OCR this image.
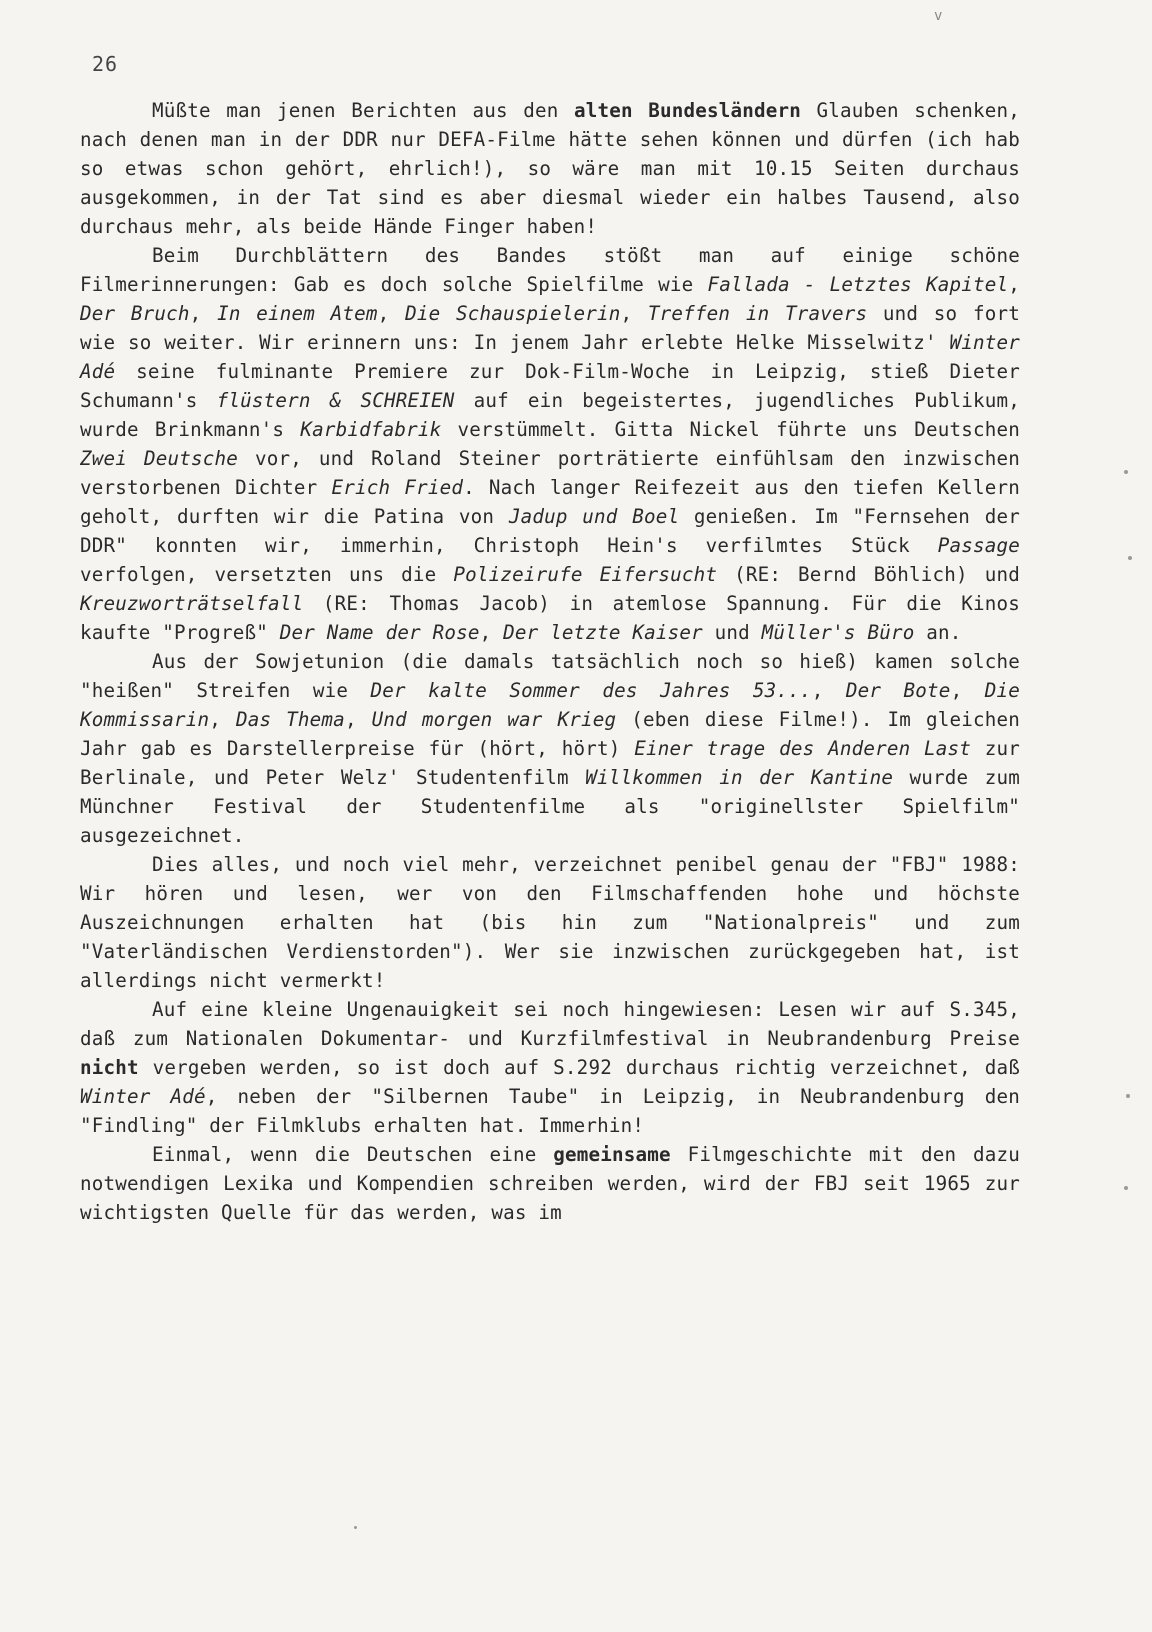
v
26

Müßte man jenen Berichten aus den alten Bundesländern Glauben schenken, nach denen man in der DDR nur DEFA-Filme hätte sehen können und dürfen (ich hab so etwas schon gehört, ehrlich!), so wäre man mit 10.15 Seiten durchaus ausgekommen, in der Tat sind es aber diesmal wieder ein halbes Tausend, also durchaus mehr, als beide Hände Finger haben!

Beim Durchblättern des Bandes stößt man auf einige schöne Filmerinnerungen: Gab es doch solche Spielfilme wie Fallada - Letztes Kapitel, Der Bruch, In einem Atem, Die Schauspielerin, Treffen in Travers und so fort wie so weiter. Wir erinnern uns: In jenem Jahr erlebte Helke Misselwitz' Winter Adé seine fulminante Premiere zur Dok-Film-Woche in Leipzig, stieß Dieter Schumann's flüstern & SCHREIEN auf ein begeistertes, jugendliches Publikum, wurde Brinkmann's Karbidfabrik verstümmelt. Gitta Nickel führte uns Deutschen Zwei Deutsche vor, und Roland Steiner porträtierte einfühlsam den inzwischen verstorbenen Dichter Erich Fried. Nach langer Reifezeit aus den tiefen Kellern geholt, durften wir die Patina von Jadup und Boel genießen. Im "Fernsehen der DDR" konnten wir, immerhin, Christoph Hein's verfilmtes Stück Passage verfolgen, versetzten uns die Polizeirufe Eifersucht (RE: Bernd Böhlich) und Kreuzworträtselfall (RE: Thomas Jacob) in atemlose Spannung. Für die Kinos kaufte "Progreß" Der Name der Rose, Der letzte Kaiser und Müller's Büro an.

Aus der Sowjetunion (die damals tatsächlich noch so hieß) kamen solche "heißen" Streifen wie Der kalte Sommer des Jahres 53..., Der Bote, Die Kommissarin, Das Thema, Und morgen war Krieg (eben diese Filme!). Im gleichen Jahr gab es Darstellerpreise für (hört, hört) Einer trage des Anderen Last zur Berlinale, und Peter Welz' Studentenfilm Willkommen in der Kantine wurde zum Münchner Festival der Studentenfilme als "originellster Spielfilm" ausgezeichnet.

Dies alles, und noch viel mehr, verzeichnet penibel genau der "FBJ" 1988: Wir hören und lesen, wer von den Filmschaffenden hohe und höchste Auszeichnungen erhalten hat (bis hin zum "Nationalpreis" und zum "Vaterländischen Verdienstorden"). Wer sie inzwischen zurückgegeben hat, ist allerdings nicht vermerkt!

Auf eine kleine Ungenauigkeit sei noch hingewiesen: Lesen wir auf S.345, daß zum Nationalen Dokumentar- und Kurzfilmfestival in Neubrandenburg Preise nicht vergeben werden, so ist doch auf S.292 durchaus richtig verzeichnet, daß Winter Adé, neben der "Silbernen Taube" in Leipzig, in Neubrandenburg den "Findling" der Filmklubs erhalten hat. Immerhin!

Einmal, wenn die Deutschen eine gemeinsame Filmgeschichte mit den dazu notwendigen Lexika und Kompendien schreiben werden, wird der FBJ seit 1965 zur wichtigsten Quelle für das werden, was im
